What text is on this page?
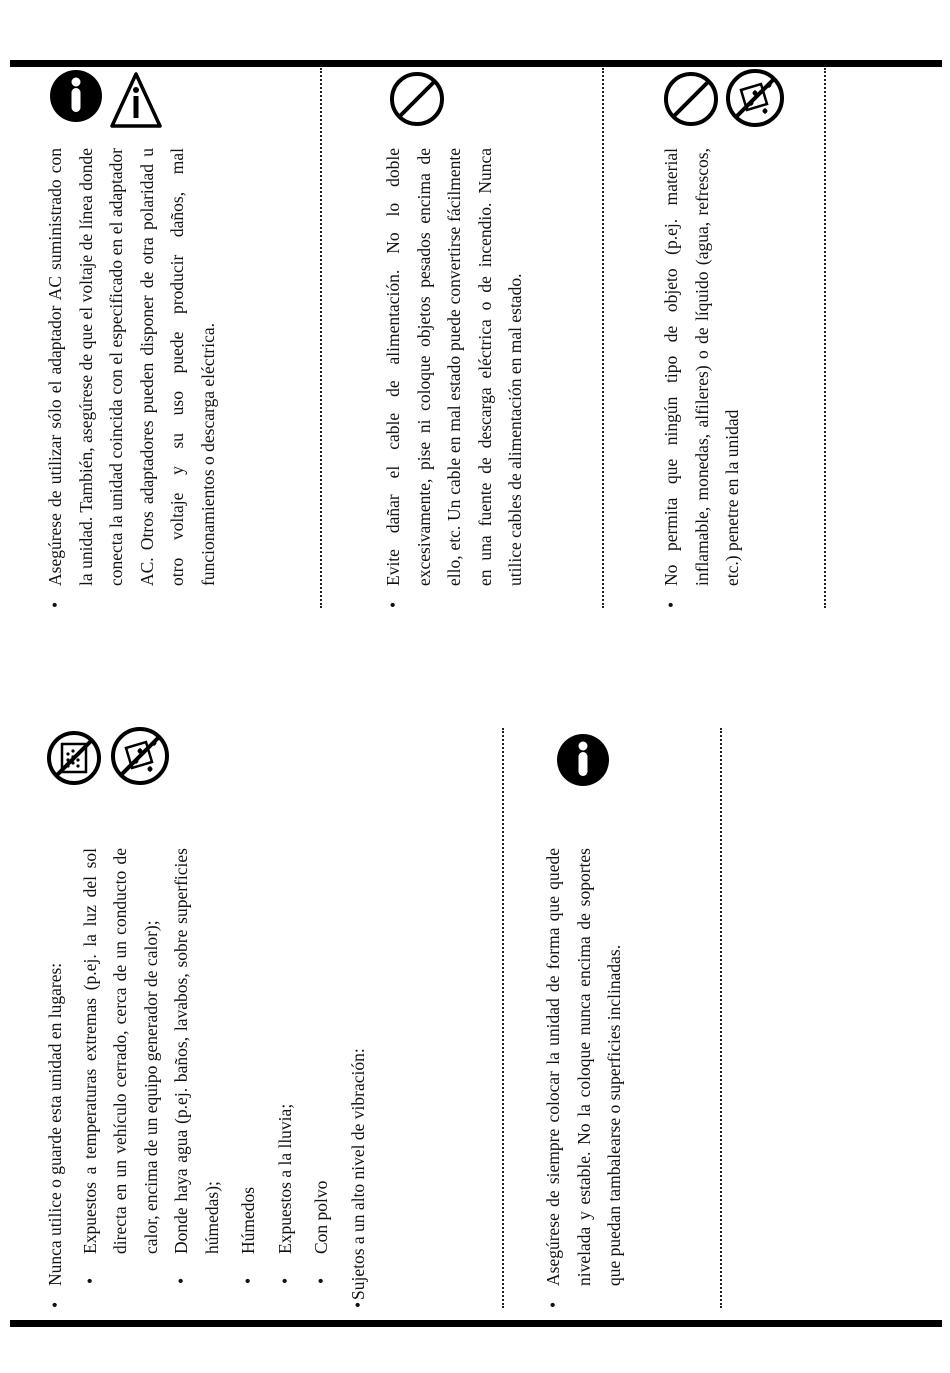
•
Nunca utilice o guarde esta unidad en lugares: •
Expuestos a temperaturas extremas (p.ej. la luz del sol directa en un vehículo cerrado, cerca de un conducto de calor, encima de un equipo generador de calor);

•
Donde haya agua (p.ej. baños, lavabos, sobre superficies húmedas);

•
Húmedos

•
Expuestos a la lluvia;

•
Con polvo

•
Sujetos a un alto nivel de vibración:

•
Asegúrese de siempre colocar la unidad de forma que quede nivelada y estable. No la coloque nunca encima de soportes que puedan tambalearse o superficies inclinadas.

•
Asegúrese de utilizar sólo el adaptador AC suministrado con la unidad. También, asegúrese de que el voltaje de línea donde conecta la unidad coincida con el especificado en el adaptador AC. Otros adaptadores pueden disponer de otra polaridad u otro voltaje y su uso puede producir daños, mal funcionamientos o descarga eléctrica.

•
Evite dañar el cable de alimentación. No lo doble excesivamente, pise ni coloque objetos pesados encima de ello, etc. Un cable en mal estado puede convertirse fácilmente en una fuente de descarga eléctrica o de incendio. Nunca utilice cables de alimentación en mal estado.

•
No permita que ningún tipo de objeto (p.ej. material inflamable, monedas, alfileres) o de líquido (agua, refrescos, etc.) penetre en la unidad
